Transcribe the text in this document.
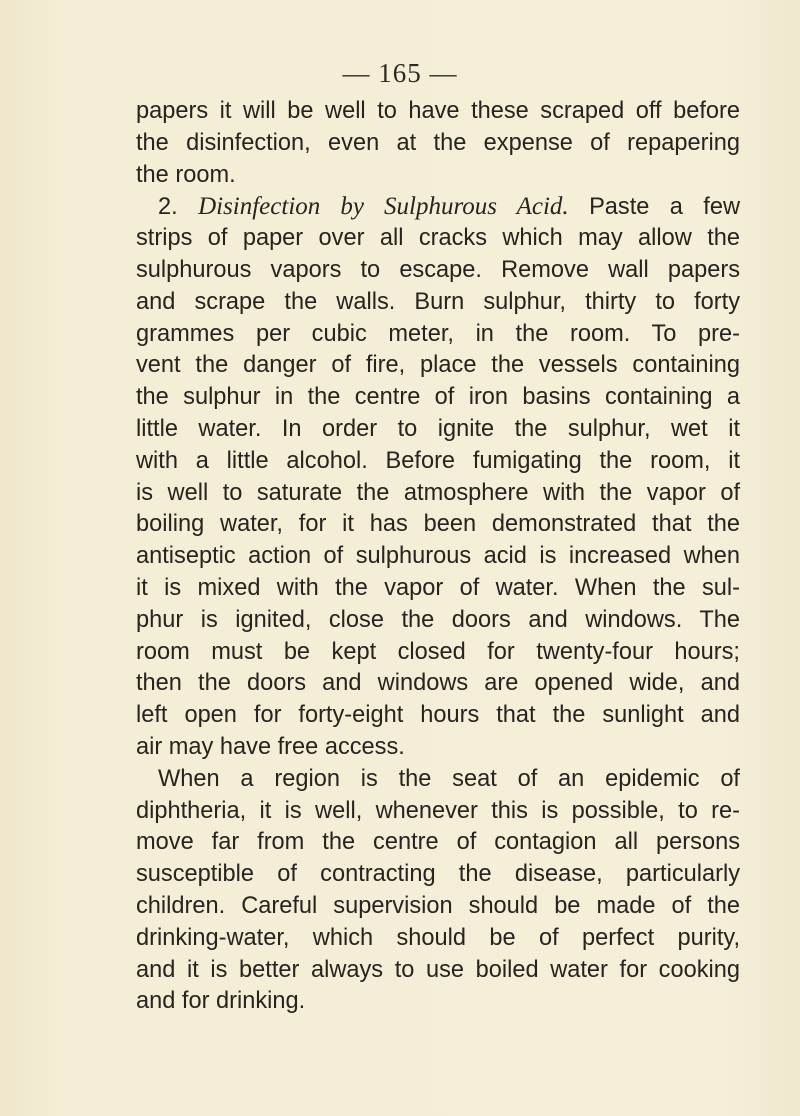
— 165 —
papers it will be well to have these scraped off before
the disinfection, even at the expense of repapering
the room.
2. Disinfection by Sulphurous Acid. Paste a few
strips of paper over all cracks which may allow the
sulphurous vapors to escape. Remove wall papers
and scrape the walls. Burn sulphur, thirty to forty
grammes per cubic meter, in the room. To pre-
vent the danger of fire, place the vessels containing
the sulphur in the centre of iron basins containing a
little water. In order to ignite the sulphur, wet it
with a little alcohol. Before fumigating the room, it
is well to saturate the atmosphere with the vapor of
boiling water, for it has been demonstrated that the
antiseptic action of sulphurous acid is increased when
it is mixed with the vapor of water. When the sul-
phur is ignited, close the doors and windows. The
room must be kept closed for twenty-four hours;
then the doors and windows are opened wide, and
left open for forty-eight hours that the sunlight and
air may have free access.
When a region is the seat of an epidemic of
diphtheria, it is well, whenever this is possible, to re-
move far from the centre of contagion all persons
susceptible of contracting the disease, particularly
children. Careful supervision should be made of the
drinking-water, which should be of perfect purity,
and it is better always to use boiled water for cooking
and for drinking.
